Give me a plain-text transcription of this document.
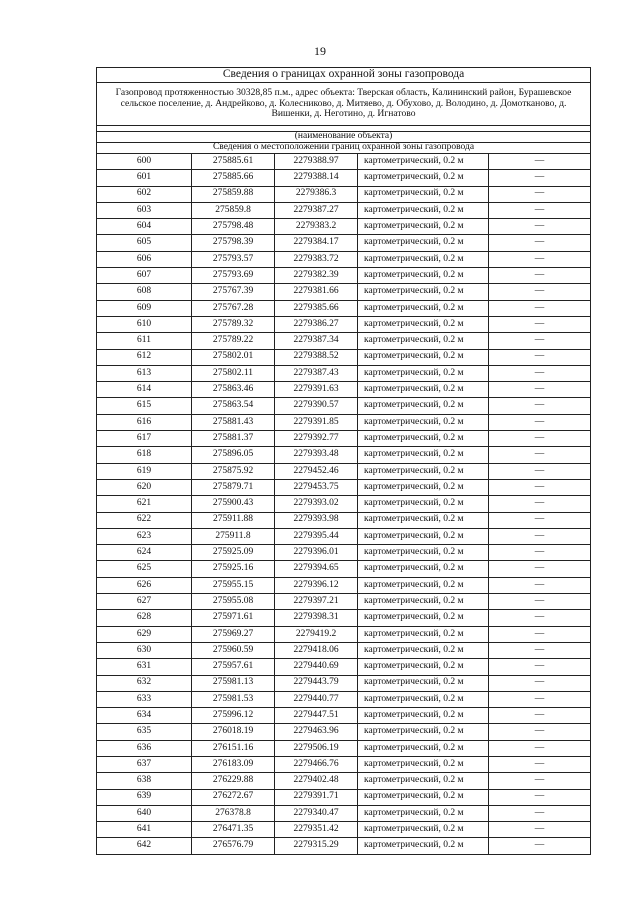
19
Сведения о границах охранной зоны газопровода				
Газопровод протяженностью 30328,85 п.м., адрес объекта: Тверская область, Калининский район, Бурашевское сельское поселение, д. Андрейково, д. Колесниково, д. Митяево, д. Обухово, д. Володино, д. Домотканово, д. Вишенки, д. Неготино, д. Игнатово				

(наименование объекта)				
Сведения о местоположении границ охранной зоны газопровода				
600	275885.61	2279388.97	картометрический, 0.2 м	—
601	275885.66	2279388.14	картометрический, 0.2 м	—
602	275859.88	2279386.3	картометрический, 0.2 м	—
603	275859.8	2279387.27	картометрический, 0.2 м	—
604	275798.48	2279383.2	картометрический, 0.2 м	—
605	275798.39	2279384.17	картометрический, 0.2 м	—
606	275793.57	2279383.72	картометрический, 0.2 м	—
607	275793.69	2279382.39	картометрический, 0.2 м	—
608	275767.39	2279381.66	картометрический, 0.2 м	—
609	275767.28	2279385.66	картометрический, 0.2 м	—
610	275789.32	2279386.27	картометрический, 0.2 м	—
611	275789.22	2279387.34	картометрический, 0.2 м	—
612	275802.01	2279388.52	картометрический, 0.2 м	—
613	275802.11	2279387.43	картометрический, 0.2 м	—
614	275863.46	2279391.63	картометрический, 0.2 м	—
615	275863.54	2279390.57	картометрический, 0.2 м	—
616	275881.43	2279391.85	картометрический, 0.2 м	—
617	275881.37	2279392.77	картометрический, 0.2 м	—
618	275896.05	2279393.48	картометрический, 0.2 м	—
619	275875.92	2279452.46	картометрический, 0.2 м	—
620	275879.71	2279453.75	картометрический, 0.2 м	—
621	275900.43	2279393.02	картометрический, 0.2 м	—
622	275911.88	2279393.98	картометрический, 0.2 м	—
623	275911.8	2279395.44	картометрический, 0.2 м	—
624	275925.09	2279396.01	картометрический, 0.2 м	—
625	275925.16	2279394.65	картометрический, 0.2 м	—
626	275955.15	2279396.12	картометрический, 0.2 м	—
627	275955.08	2279397.21	картометрический, 0.2 м	—
628	275971.61	2279398.31	картометрический, 0.2 м	—
629	275969.27	2279419.2	картометрический, 0.2 м	—
630	275960.59	2279418.06	картометрический, 0.2 м	—
631	275957.61	2279440.69	картометрический, 0.2 м	—
632	275981.13	2279443.79	картометрический, 0.2 м	—
633	275981.53	2279440.77	картометрический, 0.2 м	—
634	275996.12	2279447.51	картометрический, 0.2 м	—
635	276018.19	2279463.96	картометрический, 0.2 м	—
636	276151.16	2279506.19	картометрический, 0.2 м	—
637	276183.09	2279466.76	картометрический, 0.2 м	—
638	276229.88	2279402.48	картометрический, 0.2 м	—
639	276272.67	2279391.71	картометрический, 0.2 м	—
640	276378.8	2279340.47	картометрический, 0.2 м	—
641	276471.35	2279351.42	картометрический, 0.2 м	—
642	276576.79	2279315.29	картометрический, 0.2 м	—
